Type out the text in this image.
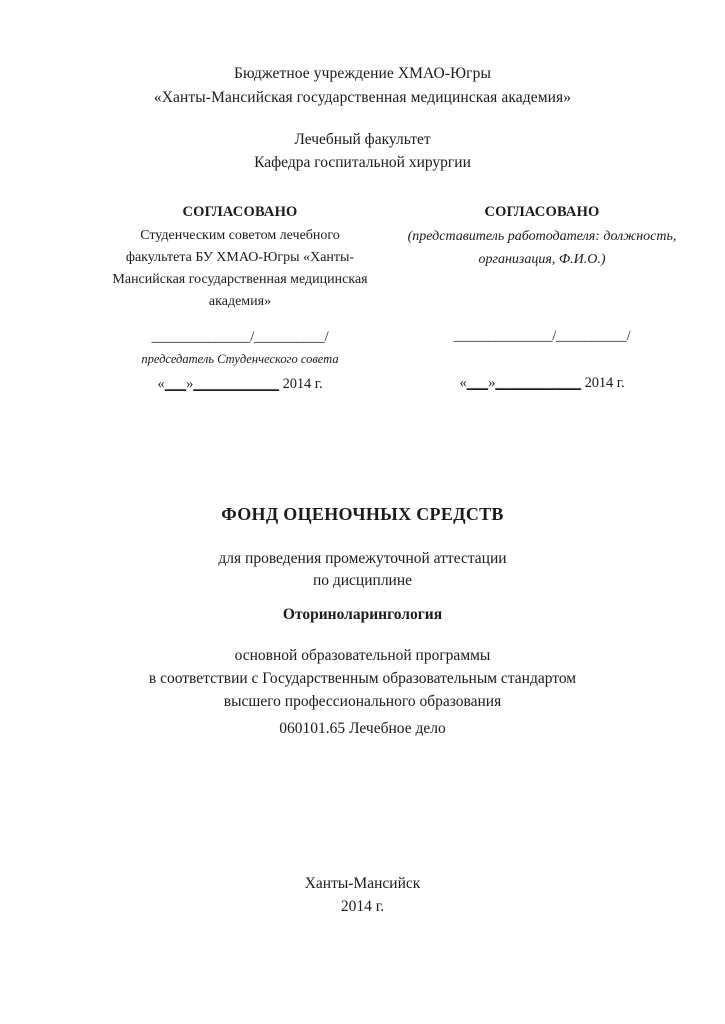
Бюджетное учреждение ХМАО-Югры
«Ханты-Мансийская государственная медицинская академия»
Лечебный факультет
Кафедра госпитальной хирургии
СОГЛАСОВАНО
Студенческим советом лечебного
факультета БУ ХМАО-Югры «Ханты-
Мансийская государственная медицинская
академия»
______________/__________/
председатель Студенческого совета
«___»____________ 2014 г.
СОГЛАСОВАНО
(представитель работодателя: должность,
организация, Ф.И.О.)
______________/__________/
«___»____________ 2014 г.
ФОНД ОЦЕНОЧНЫХ СРЕДСТВ
для проведения промежуточной аттестации
по дисциплине
Оториноларингология
основной образовательной программы
в соответствии с Государственным образовательным стандартом
высшего профессионального образования
060101.65 Лечебное дело
Ханты-Мансийск
2014 г.
